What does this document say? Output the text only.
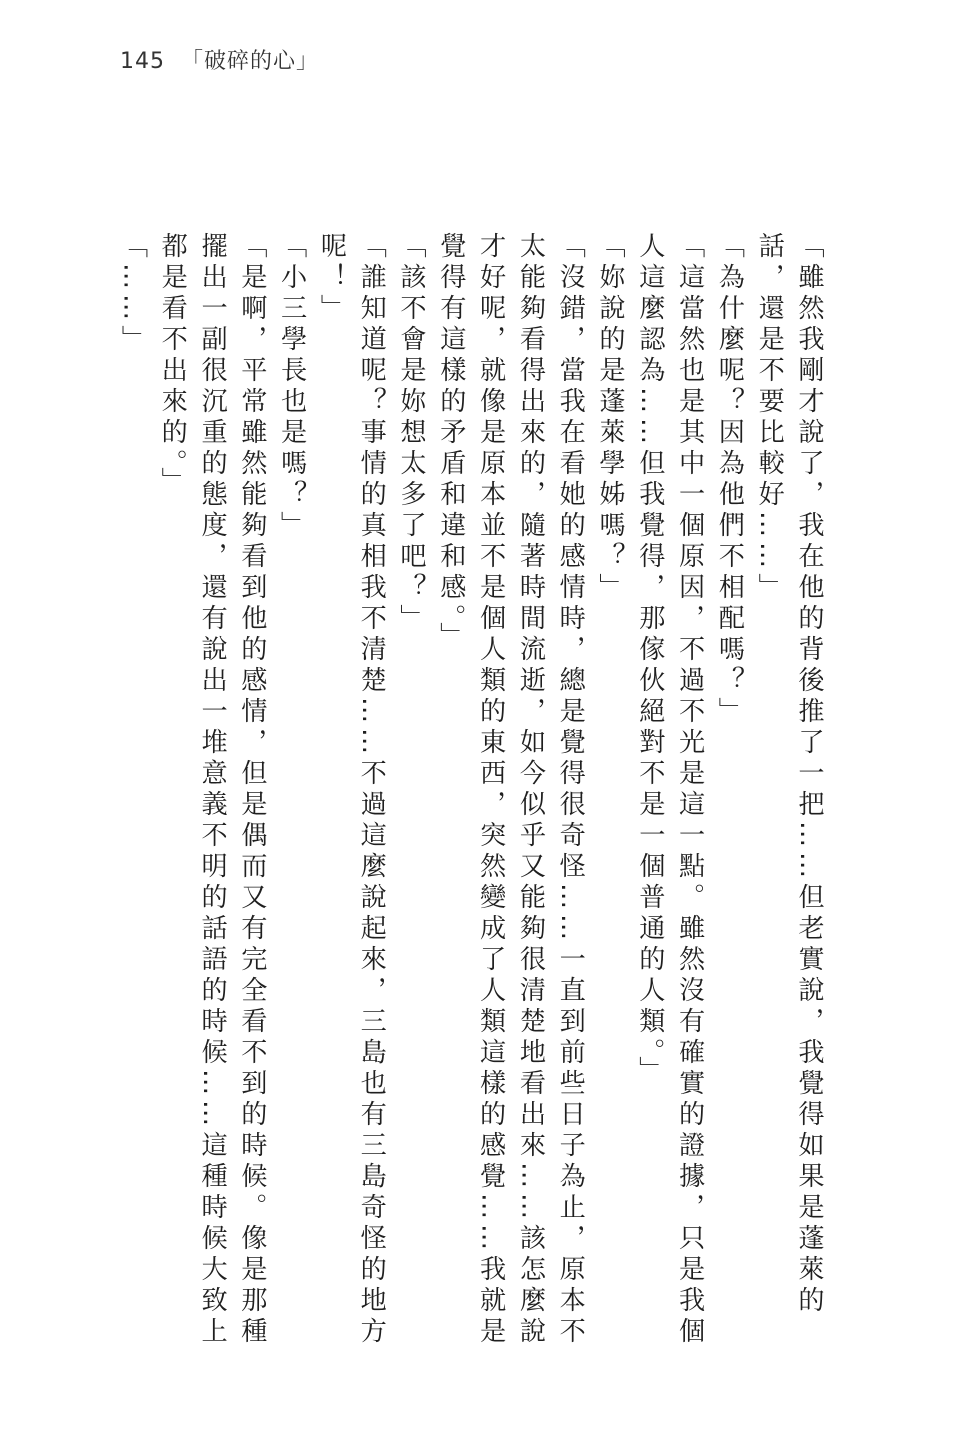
145 「破碎的心」

「雖然我剛才說了，我在他的背後推了一把……但老實說，我覺得如果是蓬萊的話，還是不要比較好……」

「為什麼呢？因為他們不相配嗎？」

「這當然也是其中一個原因，不過不光是這一點。雖然沒有確實的證據，只是我個人這麼認為……但我覺得，那傢伙絕對不是一個普通的人類。」

「妳說的是蓬萊學姊嗎？」

「沒錯，當我在看她的感情時，總是覺得很奇怪……一直到前些日子為止，原本不太能夠看得出來的，隨著時間流逝，如今似乎又能夠很清楚地看出來……該怎麼說才好呢，就像是原本並不是個人類的東西，突然變成了人類這樣的感覺……我就是覺得有這樣的矛盾和違和感。」

「該不會是妳想太多了吧？」

「誰知道呢？事情的真相我不清楚……不過這麼說起來，三島也有三島奇怪的地方呢！」

「小三學長也是嗎？」

「是啊，平常雖然能夠看到他的感情，但是偶而又有完全看不到的時候。像是那種擺出一副很沉重的態度，還有說出一堆意義不明的話語的時候……這種時候大致上都是看不出來的。」

「……」
